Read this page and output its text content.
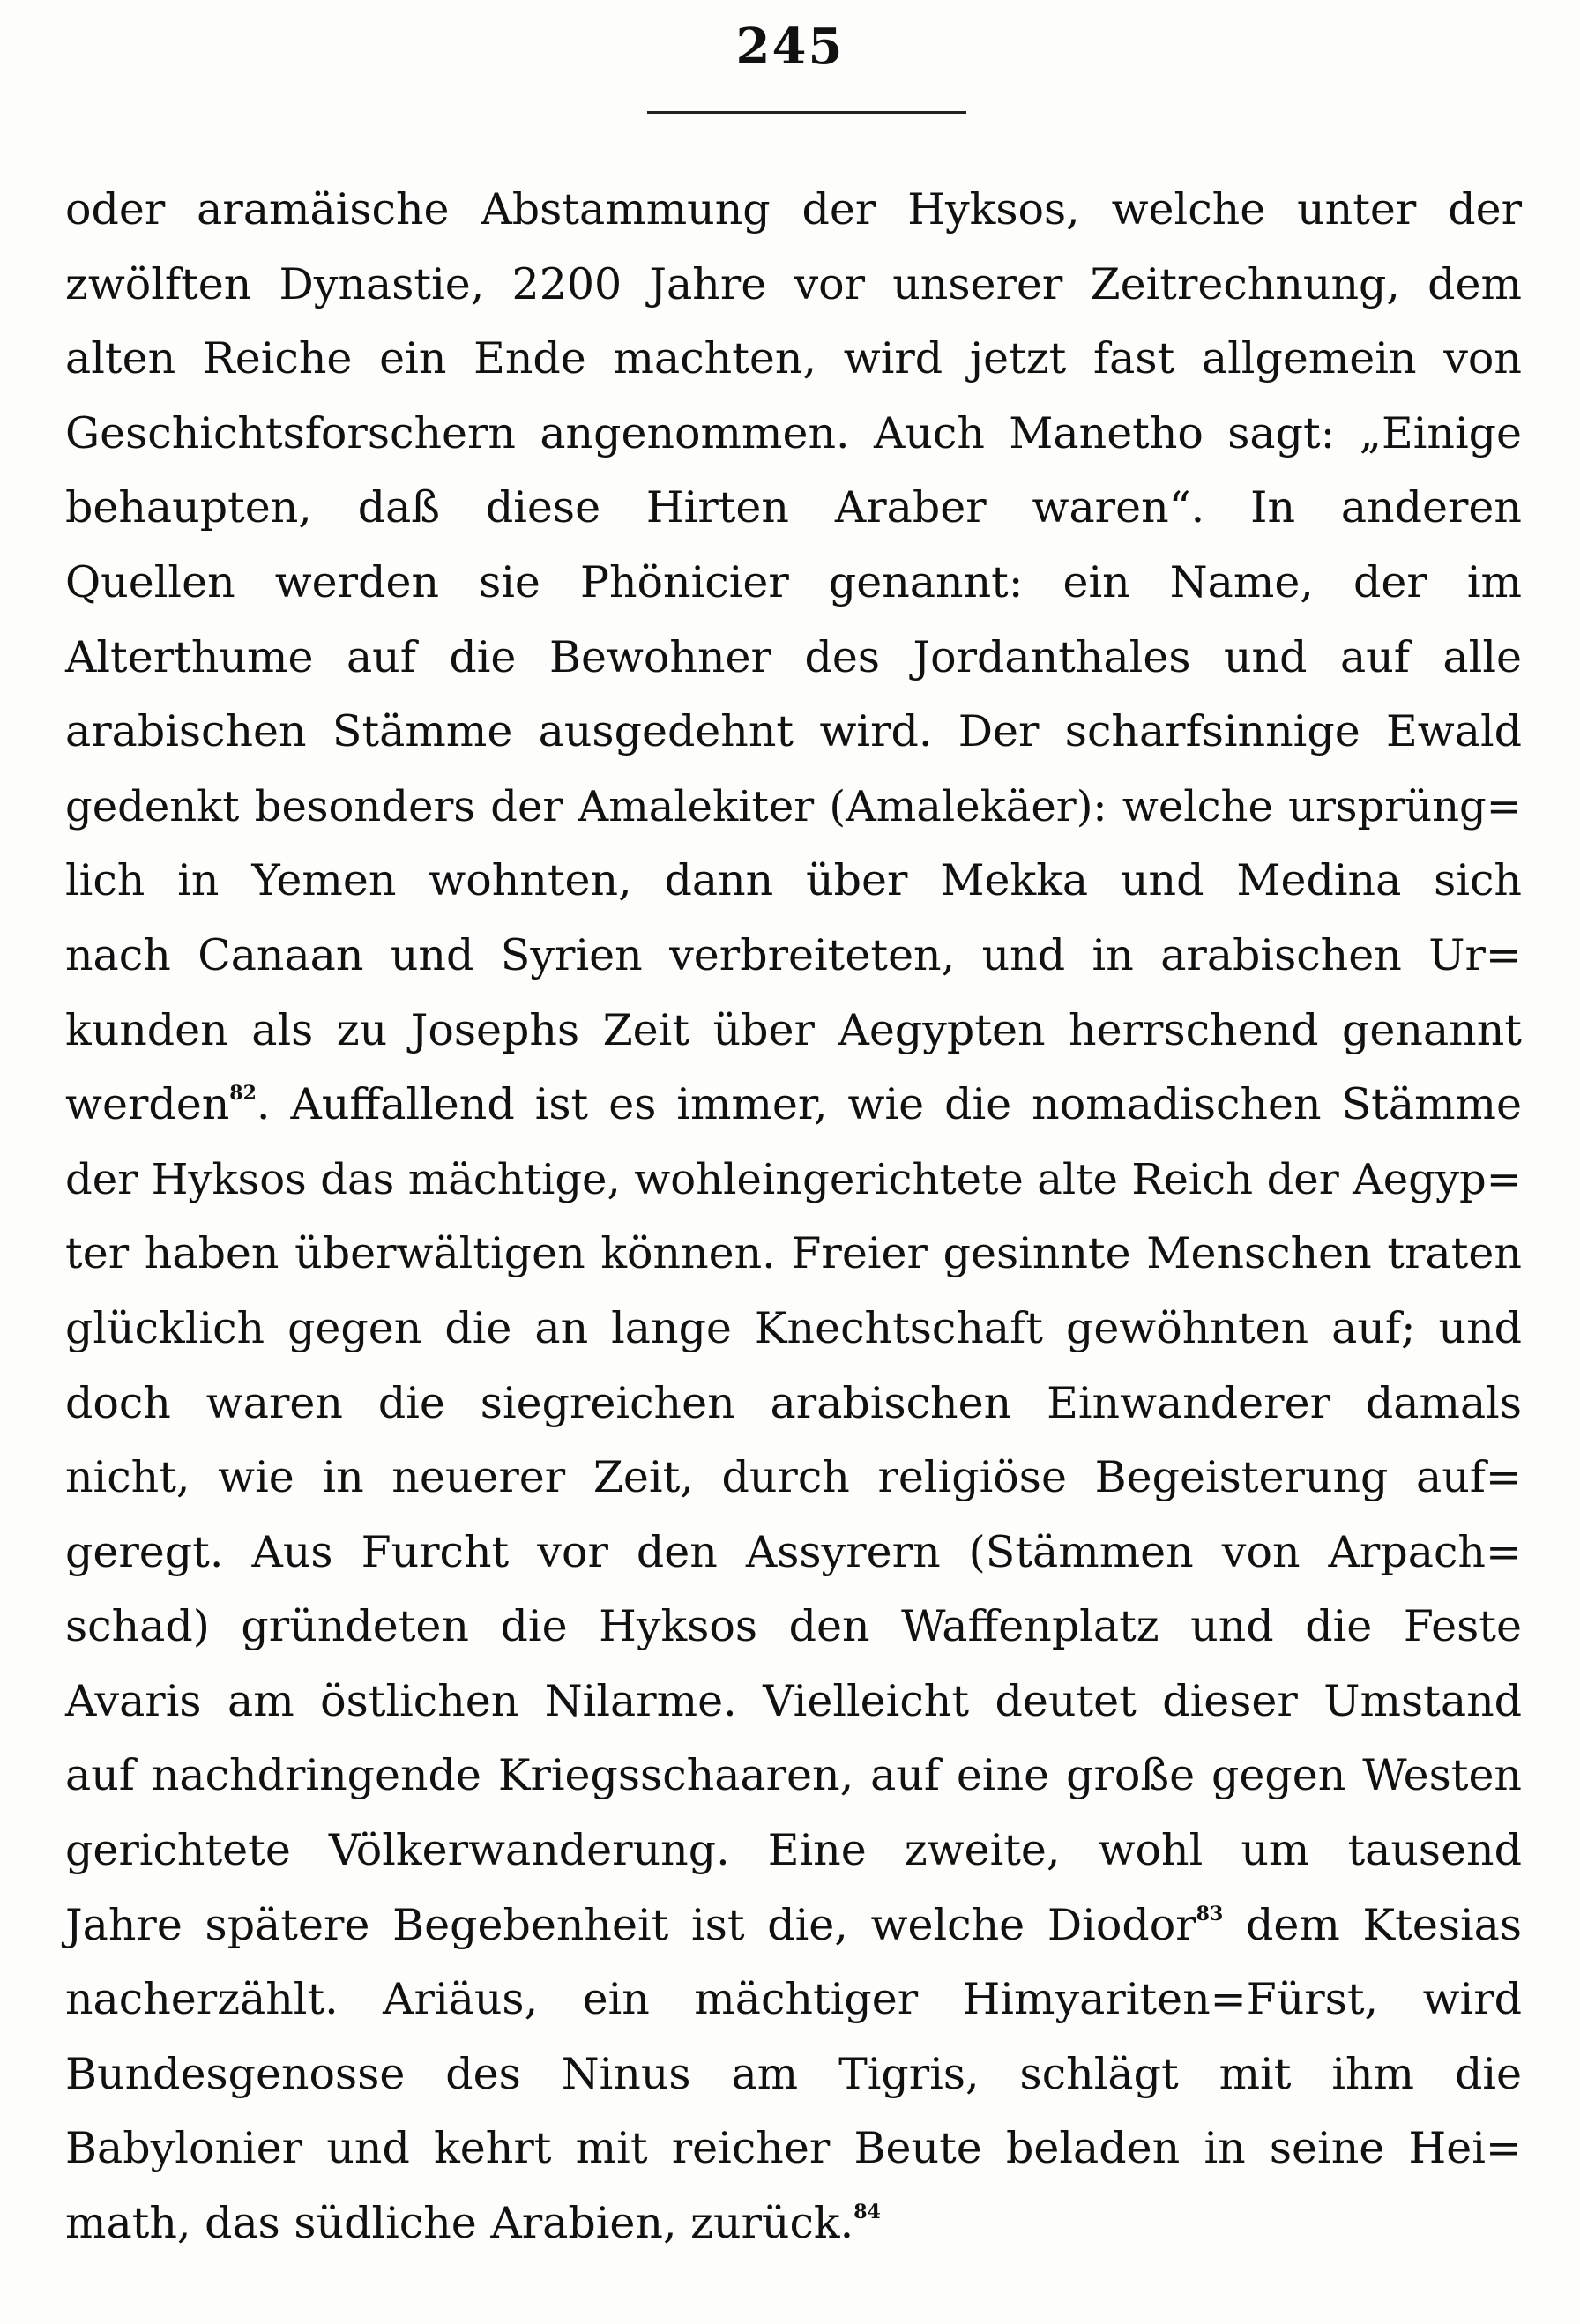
245
oder aramäische Abstammung der Hyksos, welche unter der
zwölften Dynastie, 2200 Jahre vor unserer Zeitrechnung, dem
alten Reiche ein Ende machten, wird jetzt fast allgemein von
Geschichtsforschern angenommen. Auch Manetho sagt: „Einige
behaupten, daß diese Hirten Araber waren“. In anderen
Quellen werden sie Phönicier genannt: ein Name, der im
Alterthume auf die Bewohner des Jordanthales und auf alle
arabischen Stämme ausgedehnt wird. Der scharfsinnige Ewald
gedenkt besonders der Amalekiter (Amalekäer): welche ursprüng=
lich in Yemen wohnten, dann über Mekka und Medina sich
nach Canaan und Syrien verbreiteten, und in arabischen Ur=
kunden als zu Josephs Zeit über Aegypten herrschend genannt
werden$^{82}$. Auffallend ist es immer, wie die nomadischen Stämme
der Hyksos das mächtige, wohleingerichtete alte Reich der Aegyp=
ter haben überwältigen können. Freier gesinnte Menschen traten
glücklich gegen die an lange Knechtschaft gewöhnten auf; und
doch waren die siegreichen arabischen Einwanderer damals
nicht, wie in neuerer Zeit, durch religiöse Begeisterung auf=
geregt. Aus Furcht vor den Assyrern (Stämmen von Arpach=
schad) gründeten die Hyksos den Waffenplatz und die Feste
Avaris am östlichen Nilarme. Vielleicht deutet dieser Umstand
auf nachdringende Kriegsschaaren, auf eine große gegen Westen
gerichtete Völkerwanderung. Eine zweite, wohl um tausend
Jahre spätere Begebenheit ist die, welche Diodor$^{83}$ dem Ktesias
nacherzählt. Ariäus, ein mächtiger Himyariten=Fürst, wird
Bundesgenosse des Ninus am Tigris, schlägt mit ihm die
Babylonier und kehrt mit reicher Beute beladen in seine Hei=
math, das südliche Arabien, zurück.$^{84}$
